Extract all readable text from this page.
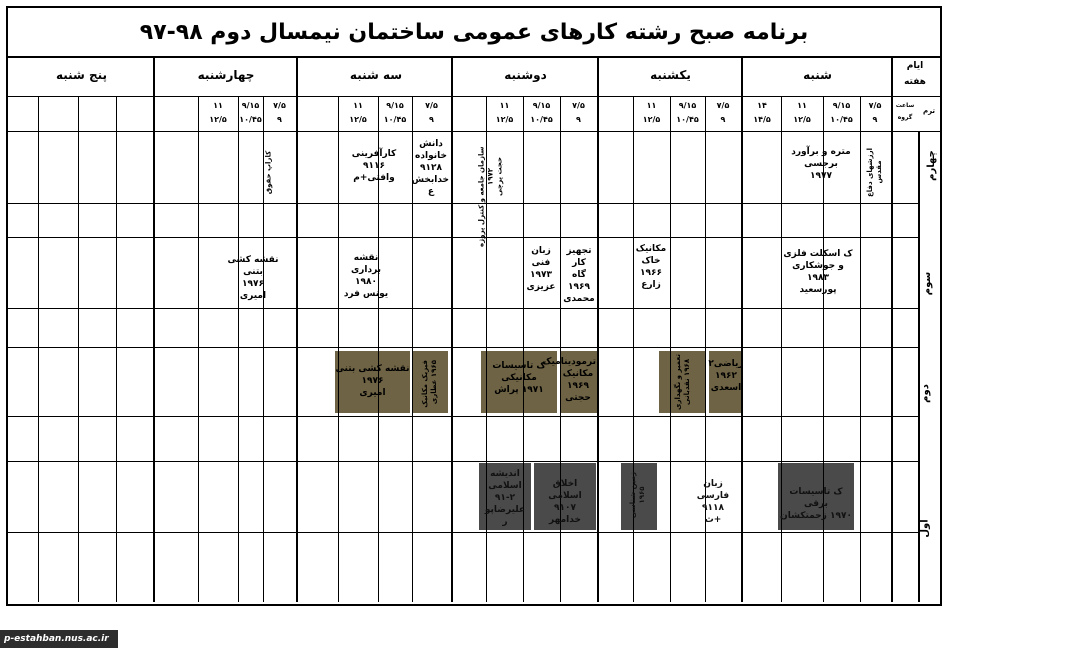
برنامه صبح رشته کارهای عمومی ساختمان نیمسال دوم ۹۸-۹۷
شنبه
یکشنبه
دوشنبه
سه شنبه
چهارشنبه
پنج شنبه
ایام
هفته
ترم
ساعت
گروه
۷/۵
۹
۹/۱۵
۱۰/۴۵
۱۱
۱۲/۵
۱۴
۱۴/۵
۷/۵
۹
۹/۱۵
۱۰/۴۵
۱۱
۱۲/۵
۷/۵
۹
۹/۱۵
۱۰/۴۵
۱۱
۱۲/۵
۷/۵
۹
۹/۱۵
۱۰/۴۵
۱۱
۱۲/۵
۷/۵
۹
۹/۱۵
۱۰/۴۵
۱۱
۱۲/۵
چهارم
سوم
دوم
اول
مترە و برآورد
برجسی
۱۹۷۷	ارزشهای دفاع
مقدس
سازمان جامعه و کنترل پروژه
۱۹۷۲
حجت پرچی
کارآفرینی
۹۱۱۶
وافتی+م
دانش
خانواده
۹۱۲۸
خدابخش
ع
کاراپ حقوق
ک اسکلت فلزی
و جوشکاری
۱۹۸۳
پورسعید
مکانیک
خاک
۱۹۶۶
زارع
تجهیز کار
گاه
۱۹۶۹
محمدی
زبان
فنی
۱۹۷۳
عزیزی
نقشه برداری
۱۹۸۰
یونس فرد
نقشه کشی بتنی
۱۹۷۶
امیری
ریاضی۲
۱۹۶۲
اسعدی
تعمیر و نگهداری
۱۹۶۸ نقدبانی
ترمودینامیک
مکانیک
۱۹۶۹
حجتی
ک تاسیسات
مکانیکی
۱۹۷۱ پراش
فیزیک مکانیک
۱۹۶۵ عطاری
نقشه کشی بتنی
۱۹۷۶
امیری
ک تاسیسات برقی
۱۹۷۰ زحمتکشان
زبان فارسی
۹۱۱۸
+ث
زمین شناسی
۱۹۶۵
اخلاق
اسلامی
۹۱۰۷
خدامهر
اندیشه
اسلامی
۹۱-۲
علیرضاپو
ر
p-estahban.nus.ac.ir
